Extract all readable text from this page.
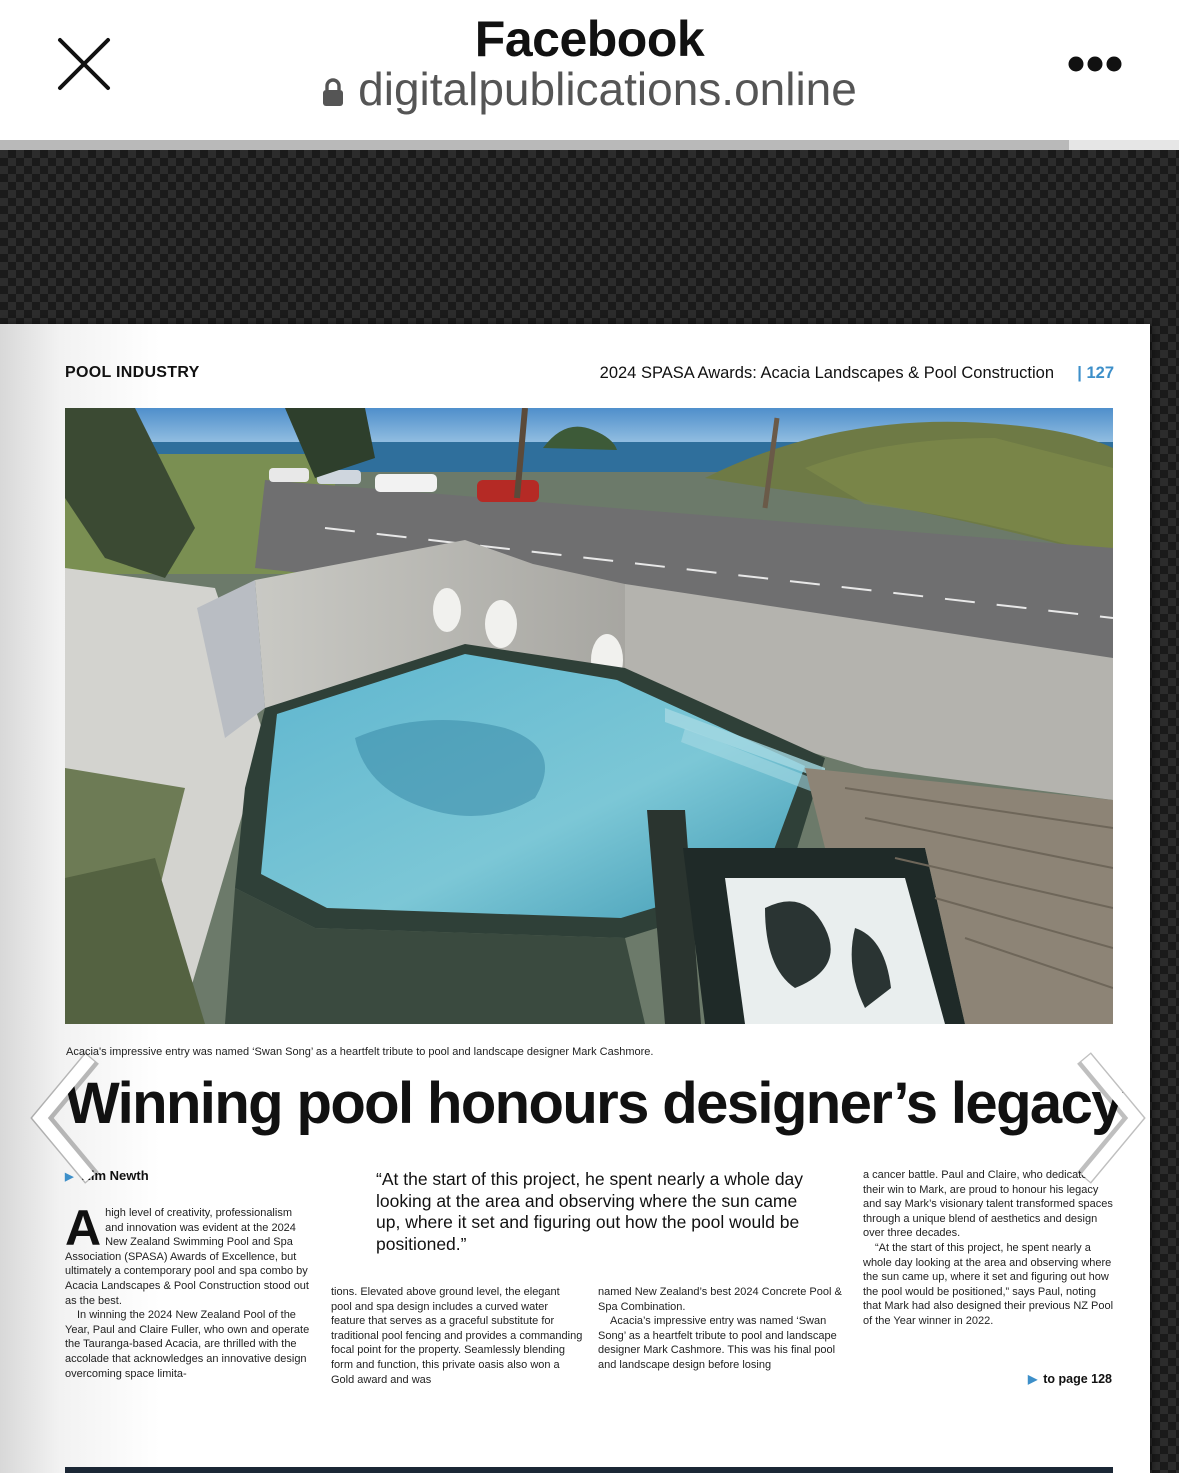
Facebook
digitalpublications.online
POOL INDUSTRY	2024 SPASA Awards: Acacia Landscapes & Pool Construction | 127
Acacia's impressive entry was named ‘Swan Song’ as a heartfelt tribute to pool and landscape designer Mark Cashmore.
Winning pool honours designer’s legacy
▶ Kim Newth	“At the start of this project, he spent nearly a whole day looking at the area and observing where the sun came up, where it set and figuring out how the pool would be positioned.”
A high level of creativity, professionalism and innovation was evident at the 2024 New Zealand Swimming Pool and Spa Association (SPASA) Awards of Excellence, but ultimately a contemporary pool and spa combo by Acacia Landscapes & Pool Construction stood out as the best.

In winning the 2024 New Zealand Pool of the Year, Paul and Claire Fuller, who own and operate the Tauranga-based Acacia, are thrilled with the accolade that acknowledges an innovative design overcoming space limita-

tions. Elevated above ground level, the elegant pool and spa design includes a curved water feature that serves as a graceful substitute for traditional pool fencing and provides a commanding focal point for the property. Seamlessly blending form and function, this private oasis also won a Gold award and was

named New Zealand’s best 2024 Concrete Pool & Spa Combination.

Acacia’s impressive entry was named ‘Swan Song’ as a heartfelt tribute to pool and landscape designer Mark Cashmore. This was his final pool and landscape design before losing

a cancer battle. Paul and Claire, who dedicated their win to Mark, are proud to honour his legacy and say Mark’s visionary talent transformed spaces through a unique blend of aesthetics and design over three decades.

“At the start of this project, he spent nearly a whole day looking at the area and observing where the sun came up, where it set and figuring out how the pool would be positioned,” says Paul, noting that Mark had also designed their previous NZ Pool of the Year winner in 2022.

▶ to page 128
